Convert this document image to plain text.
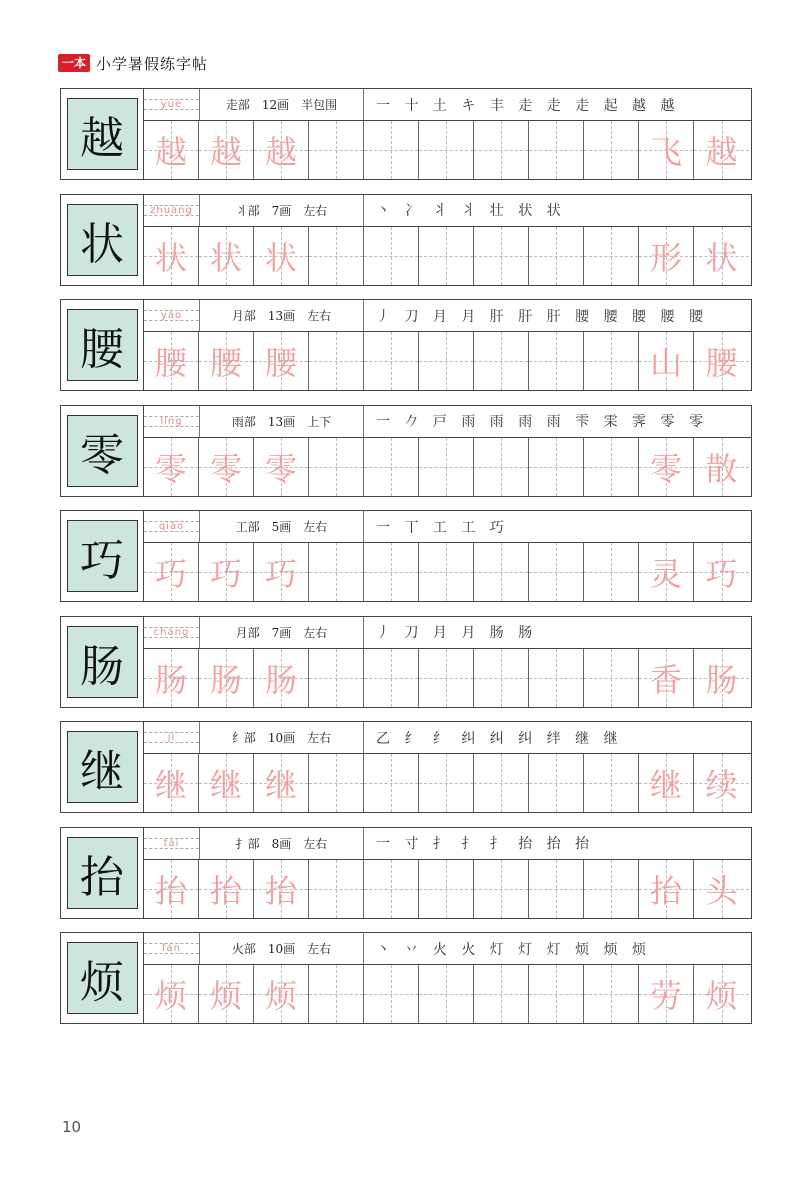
一本 小学暑假练字帖
越
yuè	走部　12画　半包围	一 十 土 キ 丰 走 走 走 起 越 越
越 越 越	飞 越
状
zhuàng	丬部　7画　左右	丶 冫 丬 丬 壮 状 状
状 状 状	形 状
腰
yāo	月部　13画　左右	丿 刀 月 月 肝 肝 肝 腰 腰 腰 腰 腰
腰 腰 腰	山 腰
零
líng	雨部　13画　上下	一 𠂊 戸 雨 雨 雨 雨 雫 雬 霁 零 零
零 零 零	零 散
巧
qiǎo	工部　5画　左右	一 丅 工 工 巧
巧 巧 巧	灵 巧
肠
cháng	月部　7画　左右	丿 刀 月 月 肠 肠
肠 肠 肠	香 肠
继
jì	纟部　10画　左右	乙 纟 纟 纠 纠 纠 绊 继 继
继 继 继	继 续
抬
tái	扌部　8画　左右	一 寸 扌 扌 扌 抬 抬 抬
抬 抬 抬	抬 头
烦
fán	火部　10画　左右	丶 丷 火 火 灯 灯 灯 烦 烦 烦
烦 烦 烦	劳 烦
10
